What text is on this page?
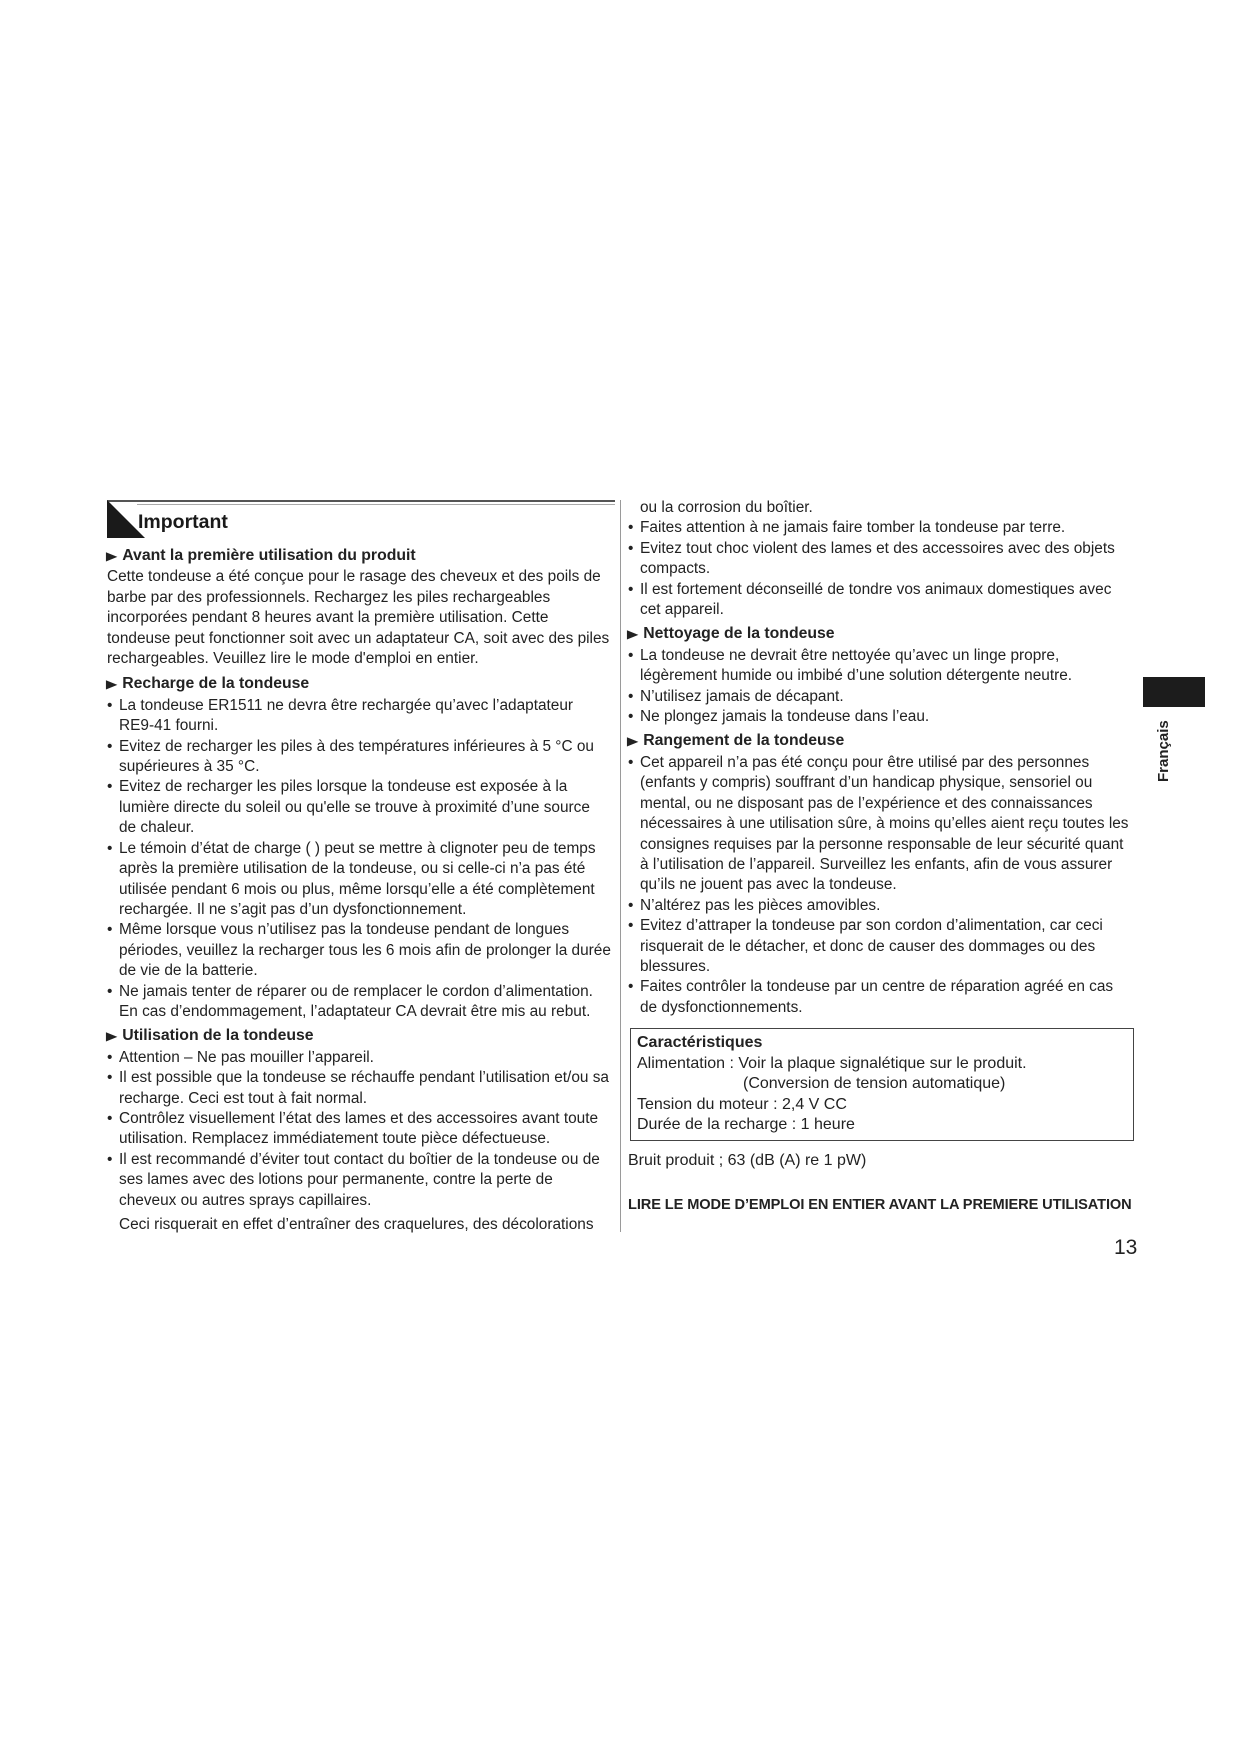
Important
▶ Avant la première utilisation du produit

Cette tondeuse a été conçue pour le rasage des cheveux et des poils de barbe par des professionnels. Rechargez les piles rechargeables incorporées pendant 8 heures avant la première utilisation. Cette tondeuse peut fonctionner soit avec un adaptateur CA, soit avec des piles rechargeables. Veuillez lire le mode d'emploi en entier.

▶ Recharge de la tondeuse
• La tondeuse ER1511 ne devra être rechargée qu’avec l’adaptateur RE9-41 fourni.
• Evitez de recharger les piles à des températures inférieures à 5 °C ou supérieures à 35 °C.
• Evitez de recharger les piles lorsque la tondeuse est exposée à la lumière directe du soleil ou qu'elle se trouve à proximité d’une source de chaleur.
• Le témoin d’état de charge ( ) peut se mettre à clignoter peu de temps après la première utilisation de la tondeuse, ou si celle-ci n’a pas été utilisée pendant 6 mois ou plus, même lorsqu’elle a été complètement rechargée. Il ne s’agit pas d’un dysfonctionnement.
• Même lorsque vous n’utilisez pas la tondeuse pendant de longues périodes, veuillez la recharger tous les 6 mois afin de prolonger la durée de vie de la batterie.
• Ne jamais tenter de réparer ou de remplacer le cordon d’alimentation. En cas d’endommagement, l’adaptateur CA devrait être mis au rebut.
▶ Utilisation de la tondeuse
• Attention – Ne pas mouiller l’appareil.
• Il est possible que la tondeuse se réchauffe pendant l’utilisation et/ou sa recharge. Ceci est tout à fait normal.
• Contrôlez visuellement l’état des lames et des accessoires avant toute utilisation. Remplacez immédiatement toute pièce défectueuse.
• Il est recommandé d’éviter tout contact du boîtier de la tondeuse ou de ses lames avec des lotions pour permanente, contre la perte de cheveux ou autres sprays capillaires.

Ceci risquerait en effet d’entraîner des craquelures, des décolorations

ou la corrosion du boîtier.

• Faites attention à ne jamais faire tomber la tondeuse par terre.
• Evitez tout choc violent des lames et des accessoires avec des objets compacts.
• Il est fortement déconseillé de tondre vos animaux domestiques avec cet appareil.
▶ Nettoyage de la tondeuse
• La tondeuse ne devrait être nettoyée qu’avec un linge propre, légèrement humide ou imbibé d’une solution détergente neutre.
• N’utilisez jamais de décapant.
• Ne plongez jamais la tondeuse dans l’eau.
▶ Rangement de la tondeuse
• Cet appareil n’a pas été conçu pour être utilisé par des personnes (enfants y compris) souffrant d’un handicap physique, sensoriel ou mental, ou ne disposant pas de l’expérience et des connaissances nécessaires à une utilisation sûre, à moins qu’elles aient reçu toutes les consignes requises par la personne responsable de leur sécurité quant à l’utilisation de l’appareil. Surveillez les enfants, afin de vous assurer qu’ils ne jouent pas avec la tondeuse.
• N’altérez pas les pièces amovibles.
• Evitez d’attraper la tondeuse par son cordon d’alimentation, car ceci risquerait de le détacher, et donc de causer des dommages ou des blessures.
• Faites contrôler la tondeuse par un centre de réparation agréé en cas de dysfonctionnements.
Caractéristiques
Alimentation : Voir la plaque signalétique sur le produit.
(Conversion de tension automatique)
Tension du moteur : 2,4 V CC
Durée de la recharge : 1 heure
Bruit produit ; 63 (dB (A) re 1 pW)
LIRE LE MODE D’EMPLOI EN ENTIER AVANT LA PREMIERE UTILISATION
13
Français
